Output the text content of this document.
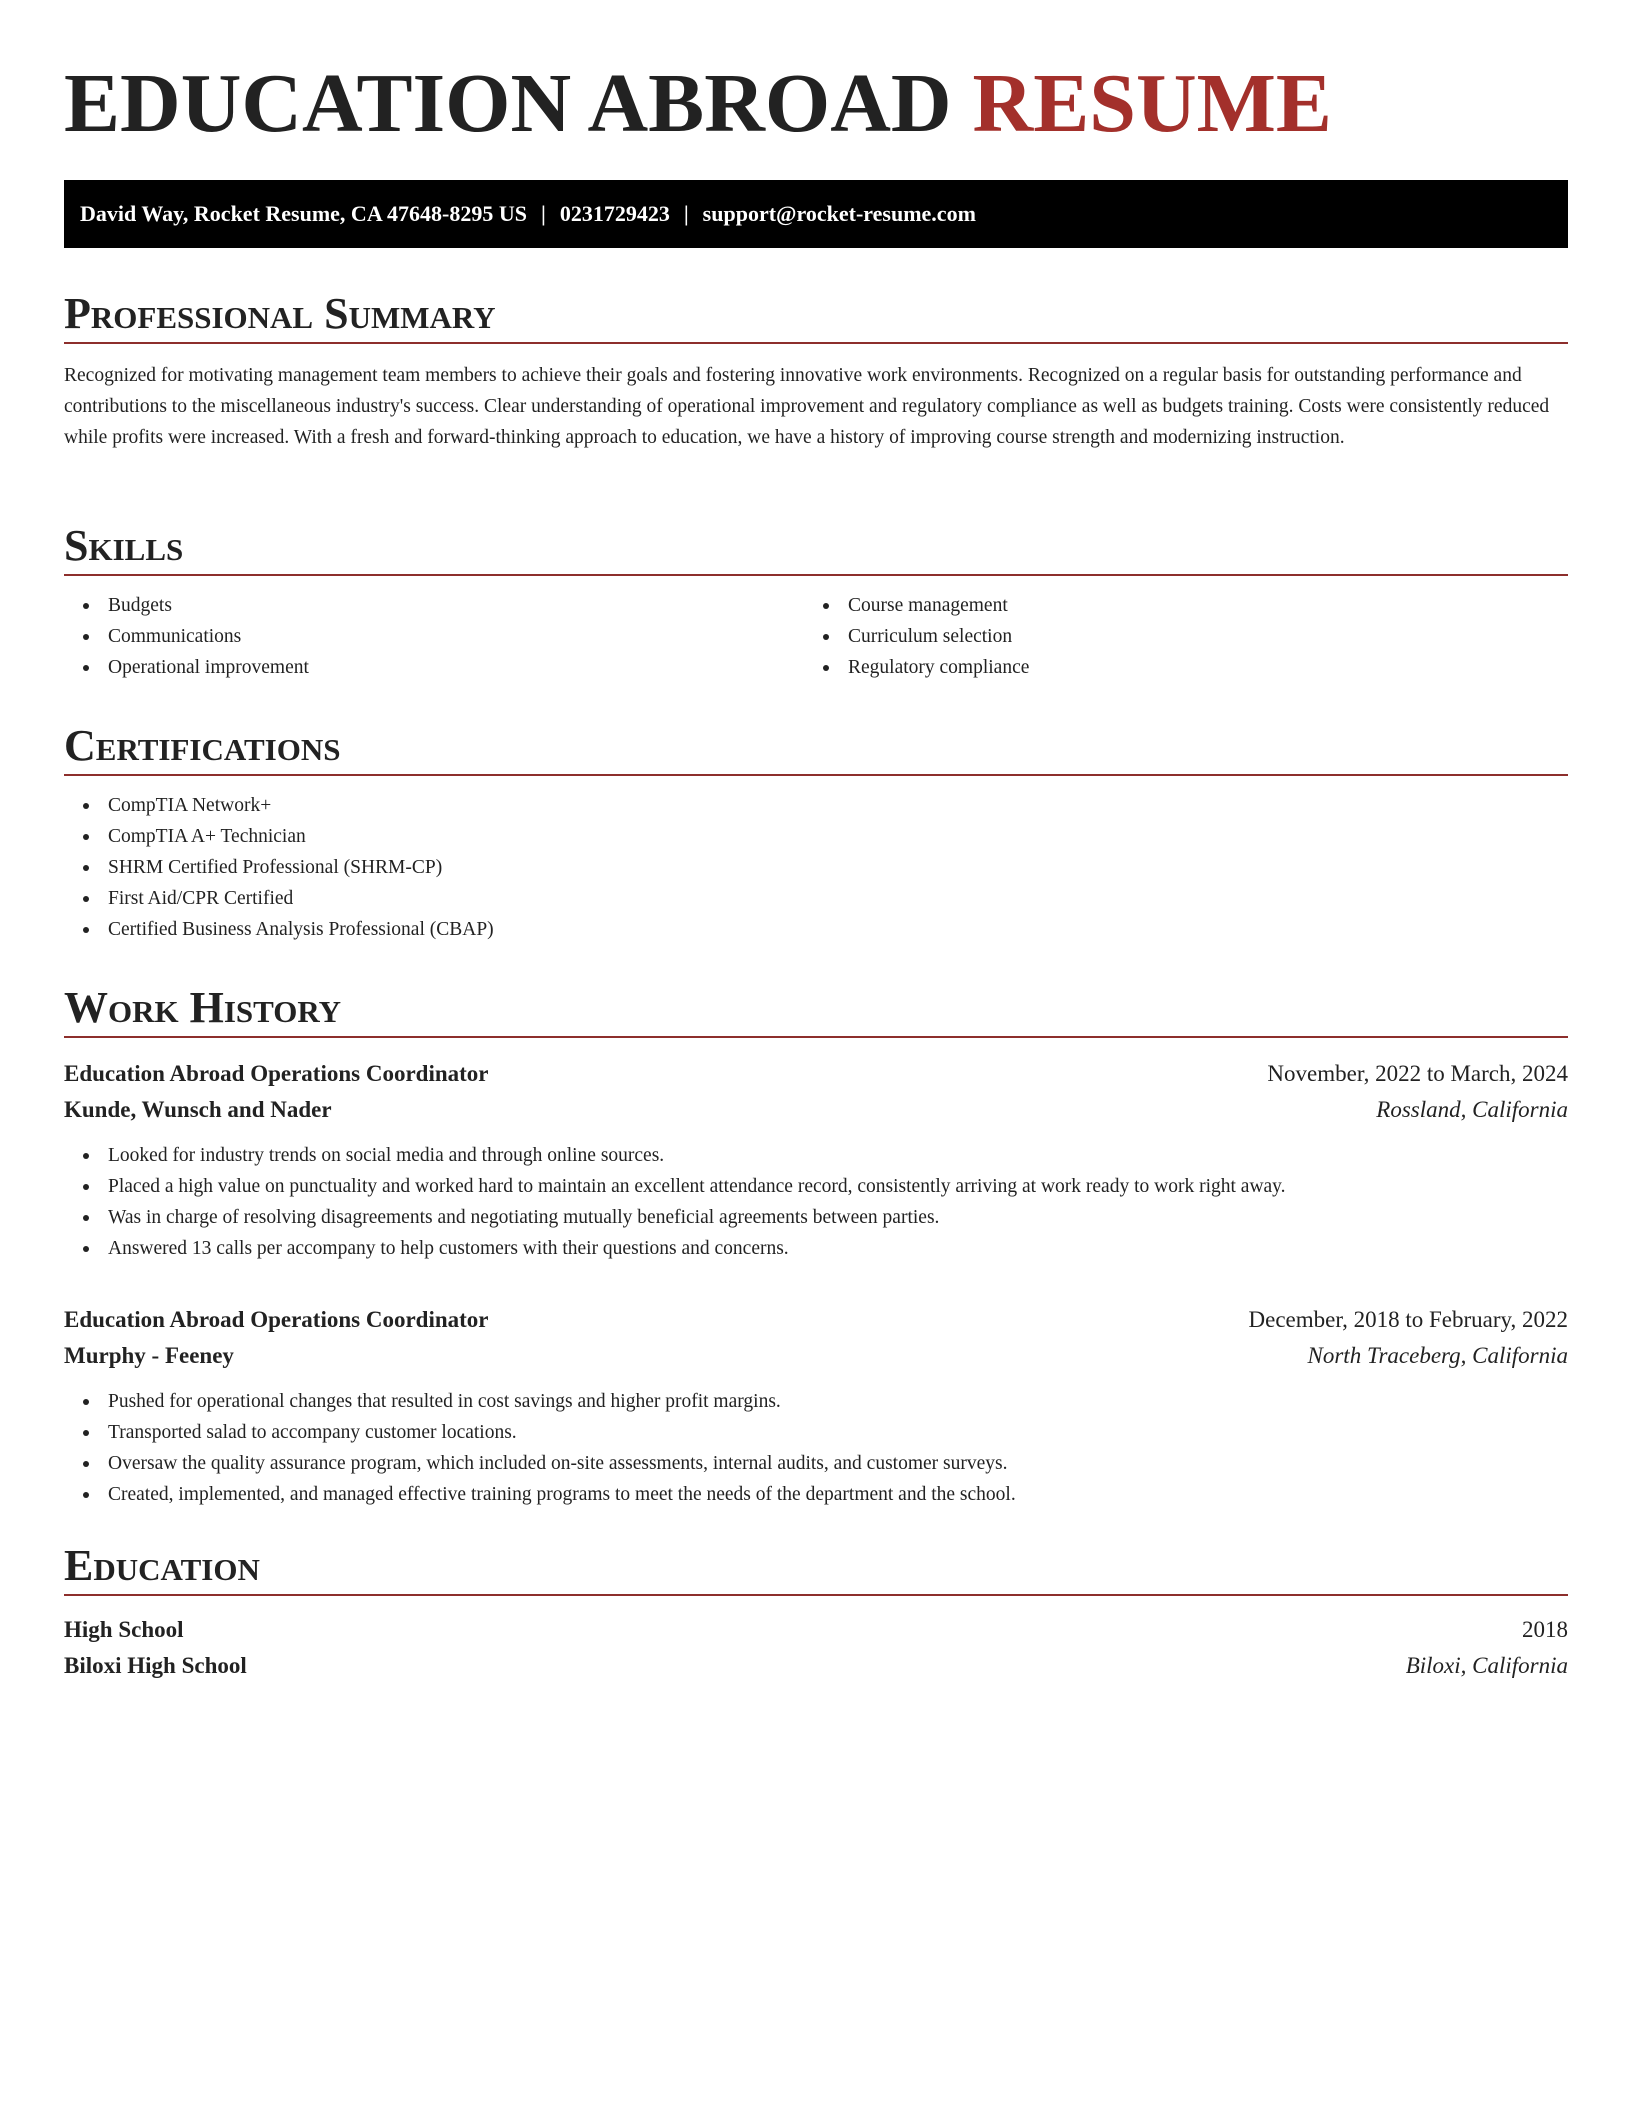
EDUCATION ABROAD RESUME
David Way, Rocket Resume, CA 47648-8295 US | 0231729423 | support@rocket-resume.com
Professional Summary

Recognized for motivating management team members to achieve their goals and fostering innovative work environments. Recognized on a regular basis for outstanding performance and contributions to the miscellaneous industry's success. Clear understanding of operational improvement and regulatory compliance as well as budgets training. Costs were consistently reduced while profits were increased. With a fresh and forward-thinking approach to education, we have a history of improving course strength and modernizing instruction.

Skills
Budgets
Communications
Operational improvement
Course management
Curriculum selection
Regulatory compliance
Certifications
CompTIA Network+
CompTIA A+ Technician
SHRM Certified Professional (SHRM-CP)
First Aid/CPR Certified
Certified Business Analysis Professional (CBAP)
Work History
Education Abroad Operations Coordinator	November, 2022 to March, 2024
Kunde, Wunsch and Nader	Rossland, California
Looked for industry trends on social media and through online sources.
Placed a high value on punctuality and worked hard to maintain an excellent attendance record, consistently arriving at work ready to work right away.
Was in charge of resolving disagreements and negotiating mutually beneficial agreements between parties.
Answered 13 calls per accompany to help customers with their questions and concerns.
Education Abroad Operations Coordinator	December, 2018 to February, 2022
Murphy - Feeney	North Traceberg, California
Pushed for operational changes that resulted in cost savings and higher profit margins.
Transported salad to accompany customer locations.
Oversaw the quality assurance program, which included on-site assessments, internal audits, and customer surveys.
Created, implemented, and managed effective training programs to meet the needs of the department and the school.
Education
High School	2018
Biloxi High School	Biloxi, California
